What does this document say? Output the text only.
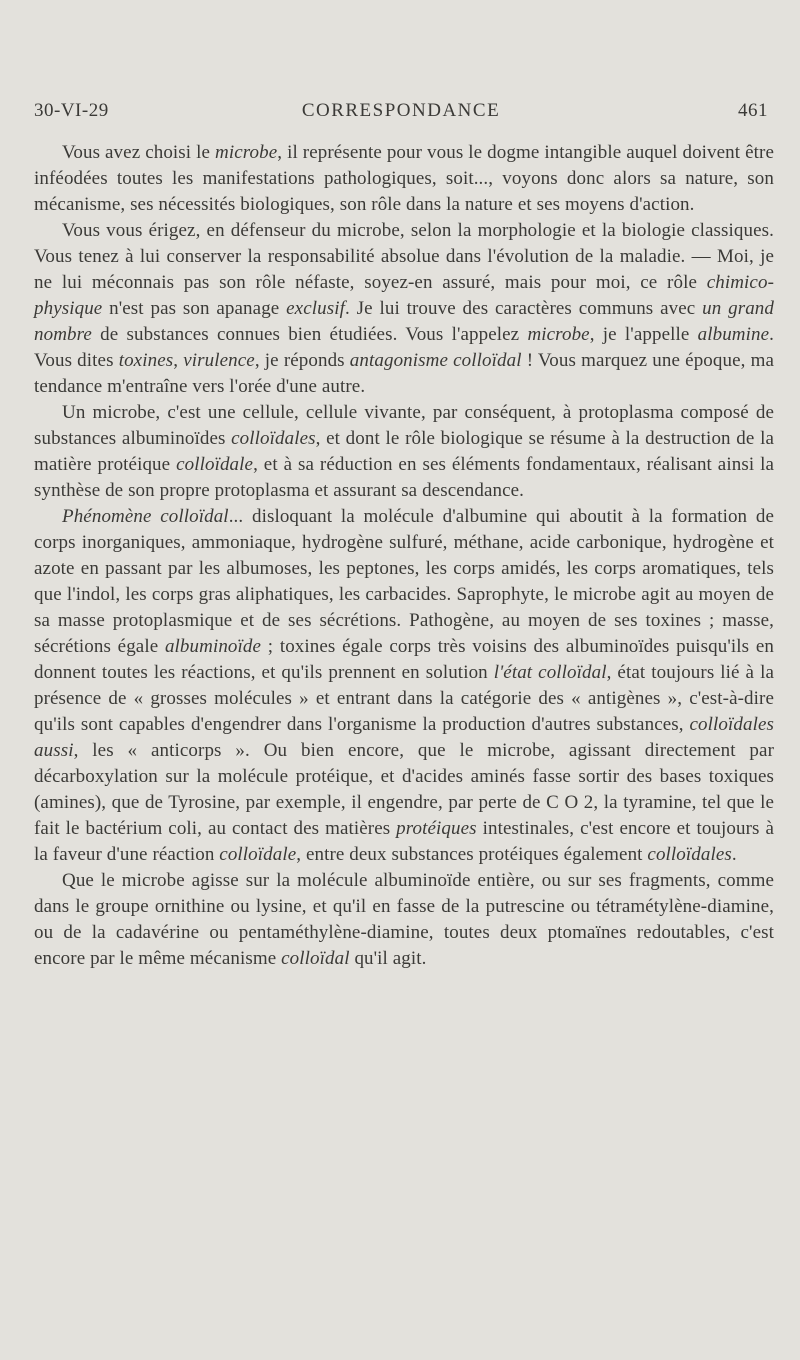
30-VI-29	CORRESPONDANCE	461

Vous avez choisi le microbe, il représente pour vous le dogme intangible auquel doivent être inféodées toutes les manifestations pathologiques, soit..., voyons donc alors sa nature, son mécanisme, ses nécessités biologiques, son rôle dans la nature et ses moyens d'action.

Vous vous érigez, en défenseur du microbe, selon la morphologie et la biologie classiques. Vous tenez à lui conserver la responsabilité absolue dans l'évolution de la maladie. — Moi, je ne lui méconnais pas son rôle néfaste, soyez-en assuré, mais pour moi, ce rôle chimico-physique n'est pas son apanage exclusif. Je lui trouve des caractères communs avec un grand nombre de substances connues bien étudiées. Vous l'appelez microbe, je l'appelle albumine. Vous dites toxines, virulence, je réponds antagonisme colloïdal ! Vous marquez une époque, ma tendance m'entraîne vers l'orée d'une autre.

Un microbe, c'est une cellule, cellule vivante, par conséquent, à protoplasma composé de substances albuminoïdes colloïdales, et dont le rôle biologique se résume à la destruction de la matière protéique colloïdale, et à sa réduction en ses éléments fondamentaux, réalisant ainsi la synthèse de son propre protoplasma et assurant sa descendance.

Phénomène colloïdal... disloquant la molécule d'albumine qui aboutit à la formation de corps inorganiques, ammoniaque, hydrogène sulfuré, méthane, acide carbonique, hydrogène et azote en passant par les albumoses, les peptones, les corps amidés, les corps aromatiques, tels que l'indol, les corps gras aliphatiques, les carbacides. Saprophyte, le microbe agit au moyen de sa masse protoplasmique et de ses sécrétions. Pathogène, au moyen de ses toxines ; masse, sécrétions égale albuminoïde ; toxines égale corps très voisins des albuminoïdes puisqu'ils en donnent toutes les réactions, et qu'ils prennent en solution l'état colloïdal, état toujours lié à la présence de « grosses molécules » et entrant dans la catégorie des « antigènes », c'est-à-dire qu'ils sont capables d'engendrer dans l'organisme la production d'autres substances, colloïdales aussi, les « anticorps ». Ou bien encore, que le microbe, agissant directement par décarboxylation sur la molécule protéique, et d'acides aminés fasse sortir des bases toxiques (amines), que de Tyrosine, par exemple, il engendre, par perte de C O 2, la tyramine, tel que le fait le bactérium coli, au contact des matières protéiques intestinales, c'est encore et toujours à la faveur d'une réaction colloïdale, entre deux substances protéiques également colloïdales.

Que le microbe agisse sur la molécule albuminoïde entière, ou sur ses fragments, comme dans le groupe ornithine ou lysine, et qu'il en fasse de la putrescine ou tétramétylène-diamine, ou de la cadavérine ou pentaméthylène-diamine, toutes deux ptomaïnes redoutables, c'est encore par le même mécanisme colloïdal qu'il agit.
